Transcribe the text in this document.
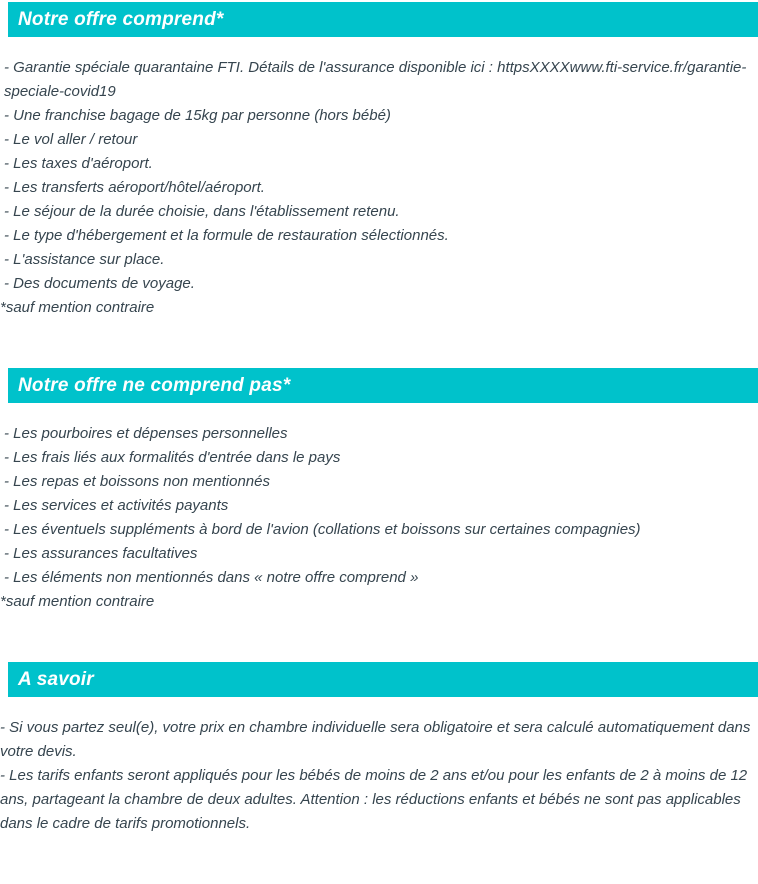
Notre offre comprend*

- Garantie spéciale quarantaine FTI. Détails de l'assurance disponible ici : httpsXXXXwww.fti-service.fr/garantie-speciale-covid19

- Une franchise bagage de 15kg par personne (hors bébé)

- Le vol aller / retour

- Les taxes d'aéroport.

- Les transferts aéroport/hôtel/aéroport.

- Le séjour de la durée choisie, dans l'établissement retenu.

- Le type d'hébergement et la formule de restauration sélectionnés.

- L'assistance sur place.

- Des documents de voyage.

*sauf mention contraire

Notre offre ne comprend pas*

- Les pourboires et dépenses personnelles

- Les frais liés aux formalités d'entrée dans le pays

- Les repas et boissons non mentionnés

- Les services et activités payants

- Les éventuels suppléments à bord de l'avion (collations et boissons sur certaines compagnies)

- Les assurances facultatives

- Les éléments non mentionnés dans « notre offre comprend »

*sauf mention contraire

A savoir

- Si vous partez seul(e), votre prix en chambre individuelle sera obligatoire et sera calculé automatiquement dans votre devis.

- Les tarifs enfants seront appliqués pour les bébés de moins de 2 ans et/ou pour les enfants de 2 à moins de 12 ans, partageant la chambre de deux adultes. Attention : les réductions enfants et bébés ne sont pas applicables dans le cadre de tarifs promotionnels.
